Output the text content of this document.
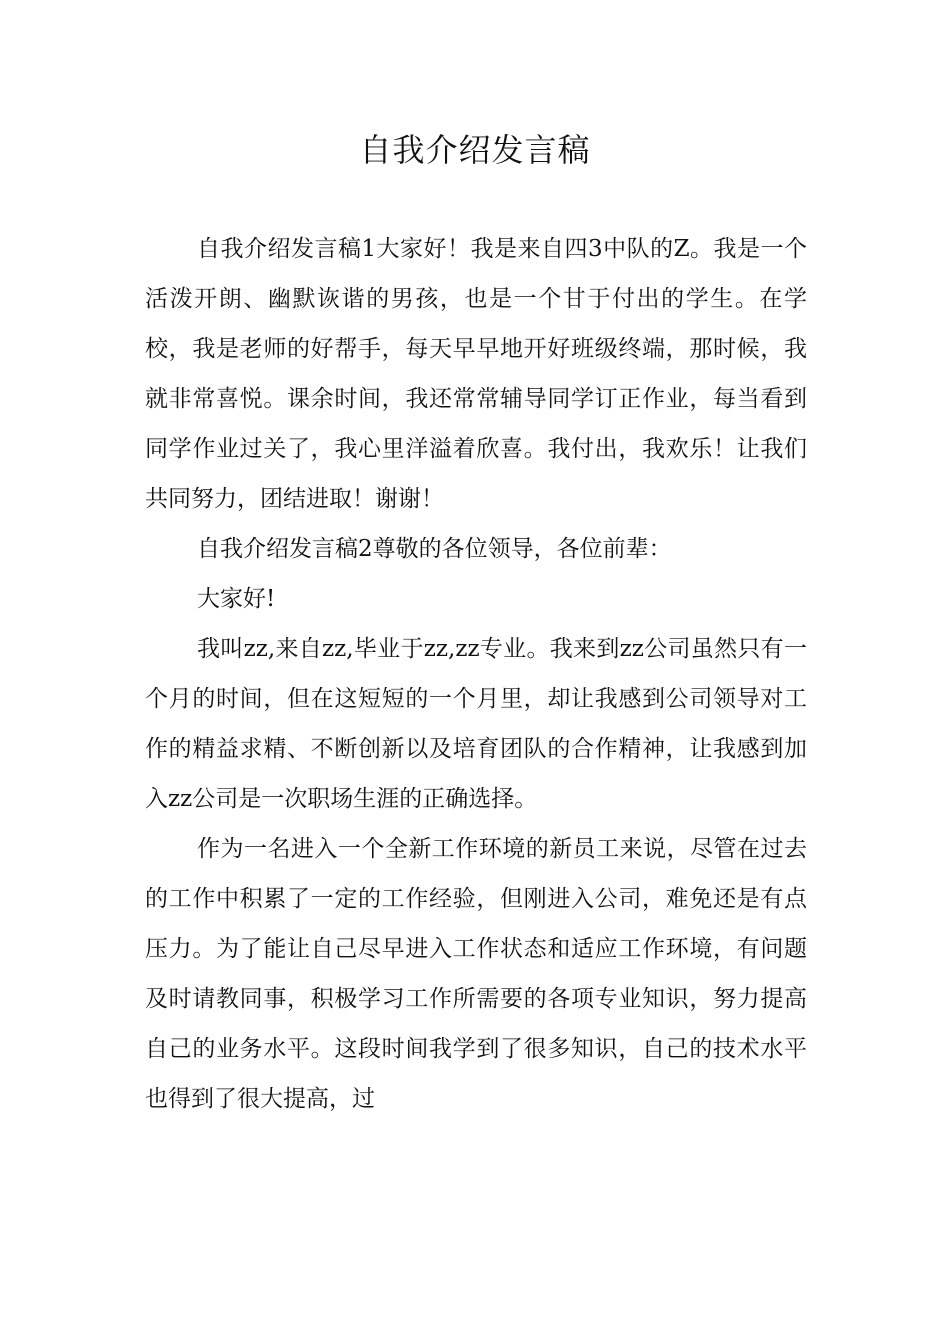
自我介绍发言稿

自我介绍发言稿1大家好！我是来自四3中队的Z。我是一个活泼开朗、幽默诙谐的男孩，也是一个甘于付出的学生。在学校，我是老师的好帮手，每天早早地开好班级终端，那时候，我就非常喜悦。课余时间，我还常常辅导同学订正作业，每当看到同学作业过关了，我心里洋溢着欣喜。我付出，我欢乐！让我们共同努力，团结进取！谢谢！

自我介绍发言稿2尊敬的各位领导，各位前辈：

大家好!

我叫zz,来自zz,毕业于zz,zz专业。我来到zz公司虽然只有一个月的时间，但在这短短的一个月里，却让我感到公司领导对工作的精益求精、不断创新以及培育团队的合作精神，让我感到加入zz公司是一次职场生涯的正确选择。

作为一名进入一个全新工作环境的新员工来说，尽管在过去的工作中积累了一定的工作经验，但刚进入公司，难免还是有点压力。为了能让自己尽早进入工作状态和适应工作环境，有问题及时请教同事，积极学习工作所需要的各项专业知识，努力提高自己的业务水平。这段时间我学到了很多知识，自己的技术水平也得到了很大提高，过
